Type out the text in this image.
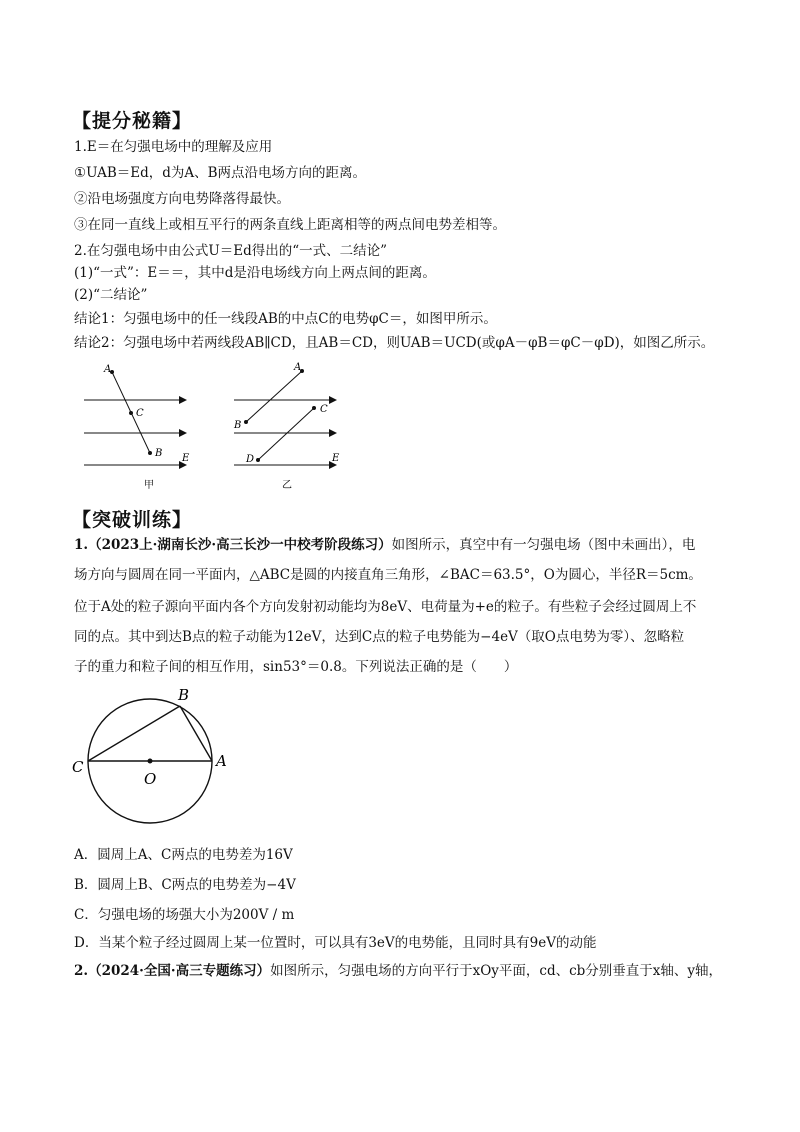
【提分秘籍】
1.E＝在匀强电场中的理解及应用
①UAB＝Ed，d为A、B两点沿电场方向的距离。
②沿电场强度方向电势降落得最快。
③在同一直线上或相互平行的两条直线上距离相等的两点间电势差相等。
2.在匀强电场中由公式U＝Ed得出的“一式、二结论”
(1)“一式”：E＝＝，其中d是沿电场线方向上两点间的距离。
(2)“二结论”
结论1：匀强电场中的任一线段AB的中点C的电势φC＝，如图甲所示。
结论2：匀强电场中若两线段AB∥CD，且AB＝CD，则UAB＝UCD(或φA－φB＝φC－φD)，如图乙所示。
A
C
B E
甲
A
B
C
D	E
乙
【突破训练】
1.（2023上·湖南长沙·高三长沙一中校考阶段练习）如图所示，真空中有一匀强电场（图中未画出），电
场方向与圆周在同一平面内，△ABC是圆的内接直角三角形，∠BAC＝63.5°，O为圆心，半径R＝5cm。
位于A处的粒子源向平面内各个方向发射初动能均为8eV、电荷量为+e的粒子。有些粒子会经过圆周上不
同的点。其中到达B点的粒子动能为12eV，达到C点的粒子电势能为−4eV（取O点电势为零）、忽略粒
子的重力和粒子间的相互作用，sin53°＝0.8。下列说法正确的是（　　）
B
C	A
O
A．圆周上A、C两点的电势差为16V
B．圆周上B、C两点的电势差为−4V
C．匀强电场的场强大小为200V / m
D．当某个粒子经过圆周上某一位置时，可以具有3eV的电势能，且同时具有9eV的动能
2.（2024·全国·高三专题练习）如图所示，匀强电场的方向平行于xOy平面，cd、cb分别垂直于x轴、y轴，
